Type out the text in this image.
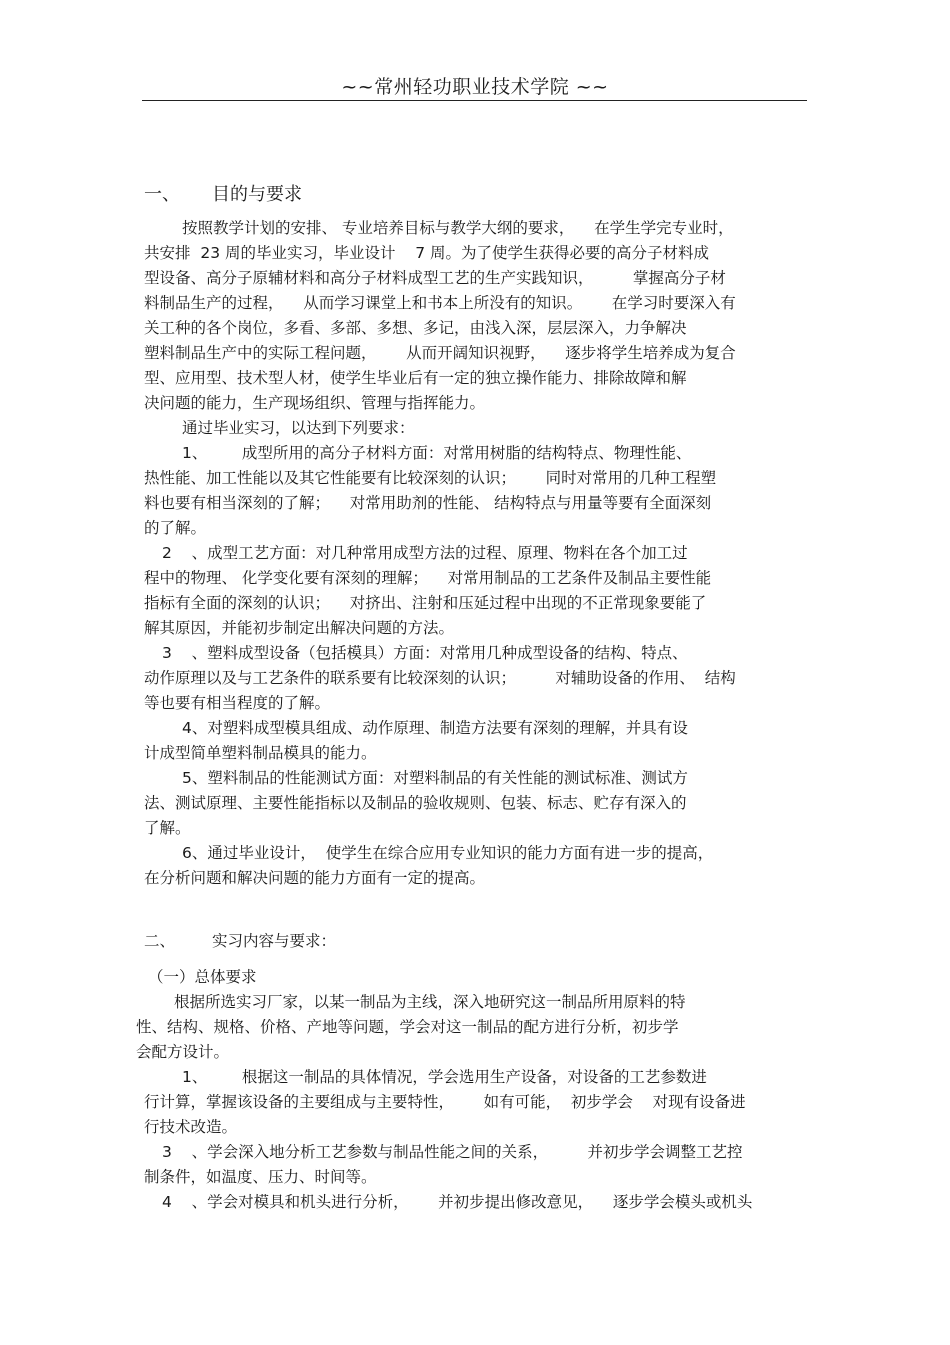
~~常州轻功职业技术学院 ~~
一、 目的与要求
按照教学计划的安排、 专业培养目标与教学大纲的要求，    在学生学完专业时，
共安排  23 周的毕业实习，毕业设计    7 周。为了使学生获得必要的高分子材料成
型设备、高分子原辅材料和高分子材料成型工艺的生产实践知识，        掌握高分子材
料制品生产的过程，    从而学习课堂上和书本上所没有的知识。      在学习时要深入有
关工种的各个岗位，多看、多部、多想、多记，由浅入深，层层深入，力争解决
塑料制品生产中的实际工程问题，      从而开阔知识视野，    逐步将学生培养成为复合
型、应用型、技术型人材，使学生毕业后有一定的独立操作能力、排除故障和解
决问题的能力，生产现场组织、管理与指挥能力。
通过毕业实习，以达到下列要求：
1、       成型所用的高分子材料方面：对常用树脂的结构特点、物理性能、
热性能、加工性能以及其它性能要有比较深刻的认识；      同时对常用的几种工程塑
料也要有相当深刻的了解；    对常用助剂的性能、 结构特点与用量等要有全面深刻
的了解。
2    、成型工艺方面：对几种常用成型方法的过程、原理、物料在各个加工过
程中的物理、 化学变化要有深刻的理解；    对常用制品的工艺条件及制品主要性能
指标有全面的深刻的认识；    对挤出、注射和压延过程中出现的不正常现象要能了
解其原因，并能初步制定出解决问题的方法。
3    、塑料成型设备（包括模具）方面：对常用几种成型设备的结构、特点、
动作原理以及与工艺条件的联系要有比较深刻的认识；        对辅助设备的作用、  结构
等也要有相当程度的了解。
4、对塑料成型模具组成、动作原理、制造方法要有深刻的理解，并具有设
计成型简单塑料制品模具的能力。
5、塑料制品的性能测试方面：对塑料制品的有关性能的测试标准、测试方
法、测试原理、主要性能指标以及制品的验收规则、包装、标志、贮存有深入的
了解。
6、通过毕业设计，  使学生在综合应用专业知识的能力方面有进一步的提高，
在分析问题和解决问题的能力方面有一定的提高。
二、 实习内容与要求：
（一）总体要求
根据所选实习厂家，以某一制品为主线，深入地研究这一制品所用原料的特
性、结构、规格、价格、产地等问题，学会对这一制品的配方进行分析，初步学
会配方设计。
1、       根据这一制品的具体情况，学会选用生产设备，对设备的工艺参数进
行计算，掌握该设备的主要组成与主要特性，      如有可能，  初步学会    对现有设备进
行技术改造。
3    、学会深入地分析工艺参数与制品性能之间的关系，        并初步学会调整工艺控
制条件，如温度、压力、时间等。
4    、学会对模具和机头进行分析，      并初步提出修改意见，    逐步学会模头或机头
